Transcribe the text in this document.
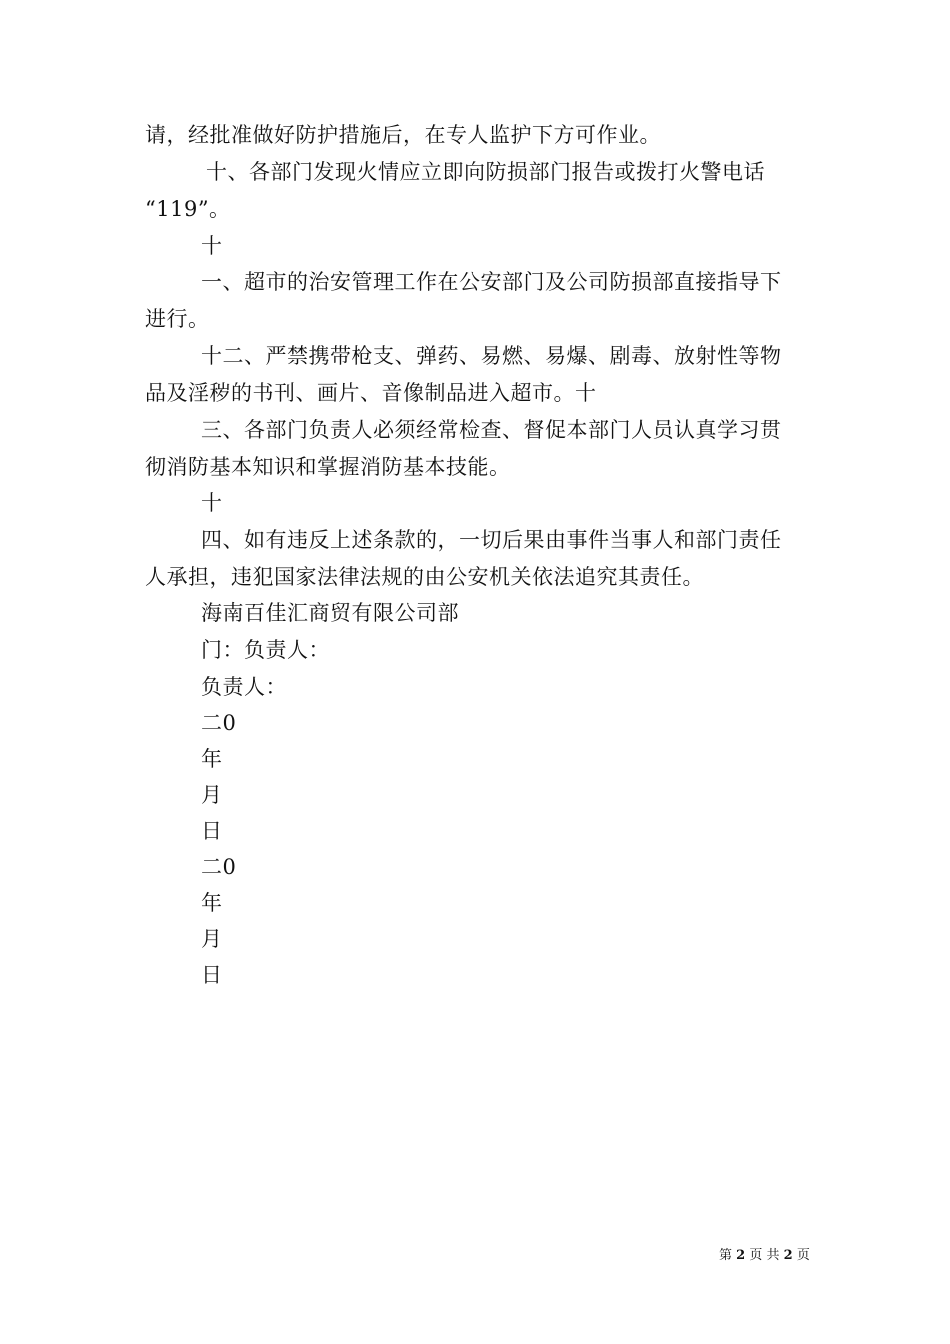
请，经批准做好防护措施后，在专人监护下方可作业。
十、各部门发现火情应立即向防损部门报告或拨打火警电话
“119”。
十
一、超市的治安管理工作在公安部门及公司防损部直接指导下
进行。
十二、严禁携带枪支、弹药、易燃、易爆、剧毒、放射性等物
品及淫秽的书刊、画片、音像制品进入超市。十
三、各部门负责人必须经常检查、督促本部门人员认真学习贯
彻消防基本知识和掌握消防基本技能。
十
四、如有违反上述条款的，一切后果由事件当事人和部门责任
人承担，违犯国家法律法规的由公安机关依法追究其责任。
海南百佳汇商贸有限公司部
门：负责人：
负责人：
二0
年
月
日
二0
年
月
日
第 2 页 共 2 页
